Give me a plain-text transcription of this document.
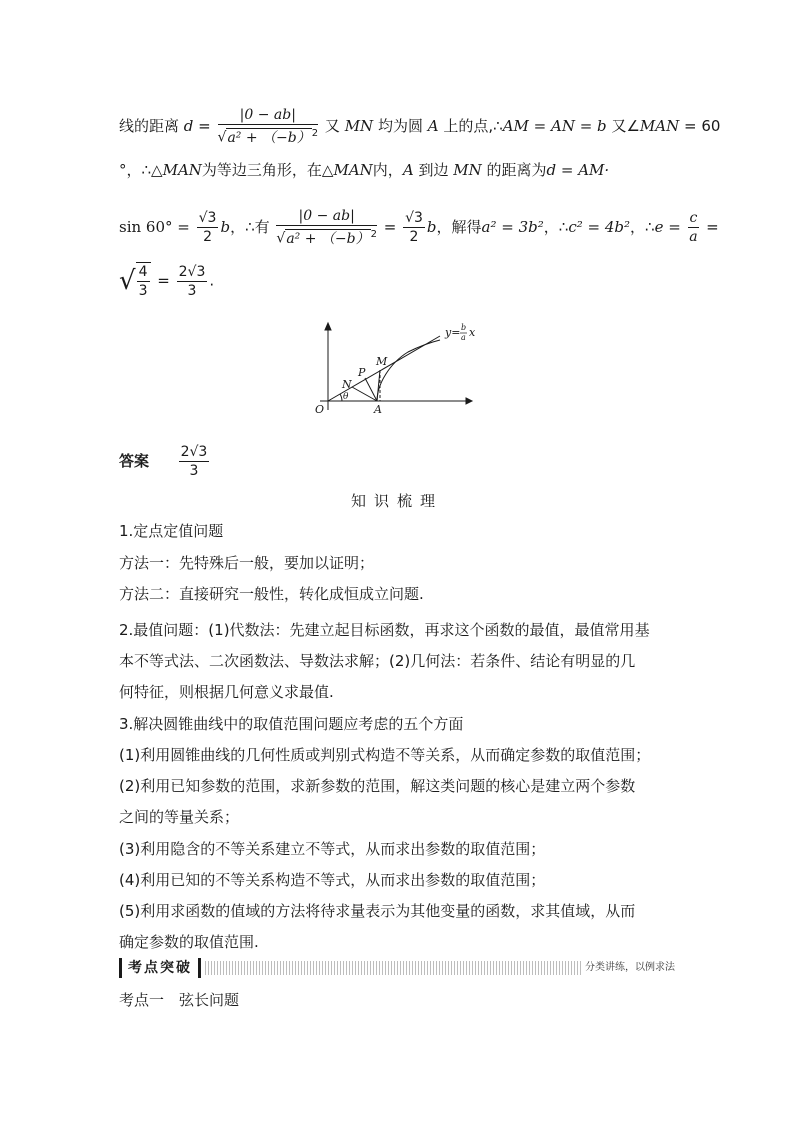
线的距离 $d = \frac{|0 - ab|}{√a^2 + (-b)^2}$ 又 MN 均为圆 A 上的点,∴AM = AN = b 又∠MAN = 60
°，∴△MAN为等边三角形，在△MAN内，A 到边 MN 的距离为d = AM·
$\sin 60^\circ = \frac{√3}{2}$ b，∴有 $\frac{|0 - ab|}{√a^2 + (-b)^2} = \frac{√3}{2}$ b，解得a² = 3b²，∴c² = 4b²，∴e = $\frac{c}{a}$ =
√ $\frac{4}{3} = \frac{2√3}{3}$ .
y= b
a x
M
P
N
θ
O	A
答案 $\frac{2√3}{3}$
知识梳理
1.定点定值问题
方法一：先特殊后一般，要加以证明；
方法二：直接研究一般性，转化成恒成立问题.
2.最值问题：(1)代数法：先建立起目标函数，再求这个函数的最值，最值常用基
本不等式法、二次函数法、导数法求解；(2)几何法：若条件、结论有明显的几
何特征，则根据几何意义求最值.
3.解决圆锥曲线中的取值范围问题应考虑的五个方面
(1)利用圆锥曲线的几何性质或判别式构造不等关系，从而确定参数的取值范围；
(2)利用已知参数的范围，求新参数的范围，解这类问题的核心是建立两个参数
之间的等量关系；
(3)利用隐含的不等关系建立不等式，从而求出参数的取值范围；
(4)利用已知的不等关系构造不等式，从而求出参数的取值范围；
(5)利用求函数的值域的方法将待求量表示为其他变量的函数，求其值域，从而
确定参数的取值范围.
考点突破	分类讲练，以例求法
考点一　弦长问题
